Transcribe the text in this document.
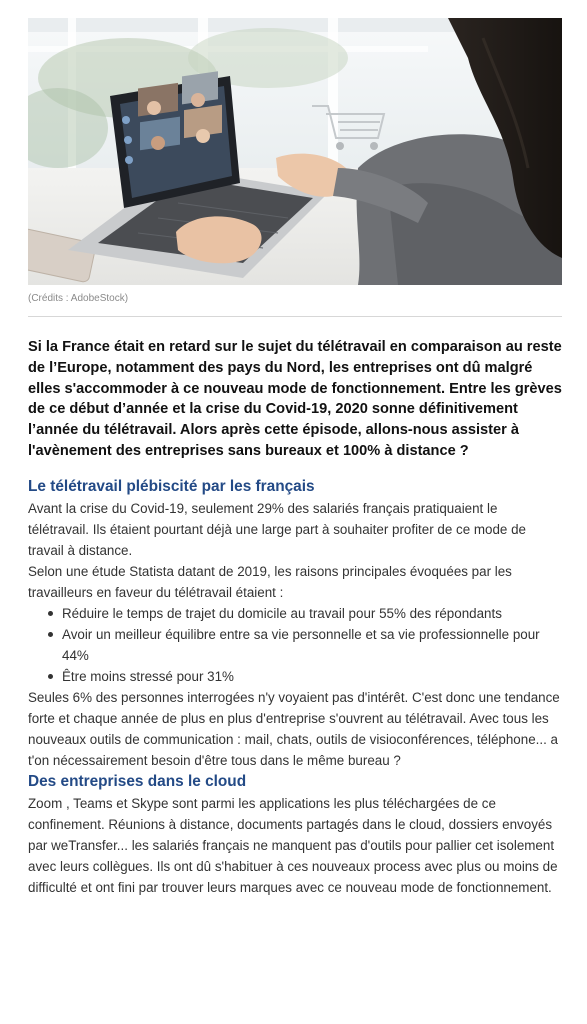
(Crédits : AdobeStock)

Si la France était en retard sur le sujet du télétravail en comparaison au reste de l’Europe, notamment des pays du Nord, les entreprises ont dû malgré elles s'accommoder à ce nouveau mode de fonctionnement. Entre les grèves de ce début d’année et la crise du Covid-19, 2020 sonne définitivement l’année du télétravail. Alors après cette épisode, allons-nous assister à l'avènement des entreprises sans bureaux et 100% à distance ?

Le télétravail plébiscité par les français

Avant la crise du Covid-19, seulement 29% des salariés français pratiquaient le télétravail. Ils étaient pourtant déjà une large part à souhaiter profiter de ce mode de travail à distance.

Selon une étude Statista datant de 2019, les raisons principales évoquées par les travailleurs en faveur du télétravail étaient :

Réduire le temps de trajet du domicile au travail pour 55% des répondants
Avoir un meilleur équilibre entre sa vie personnelle et sa vie professionnelle pour 44%
Être moins stressé pour 31%

Seules 6% des personnes interrogées n'y voyaient pas d'intérêt. C'est donc une tendance forte et chaque année de plus en plus d'entreprise s'ouvrent au télétravail. Avec tous les nouveaux outils de communication : mail, chats, outils de visioconférences, téléphone... a t'on nécessairement besoin d'être tous dans le même bureau ?

Des entreprises dans le cloud

Zoom , Teams et Skype sont parmi les applications les plus téléchargées de ce confinement. Réunions à distance, documents partagés dans le cloud, dossiers envoyés par weTransfer... les salariés français ne manquent pas d'outils pour pallier cet isolement avec leurs collègues. Ils ont dû s'habituer à ces nouveaux process avec plus ou moins de difficulté et ont fini par trouver leurs marques avec ce nouveau mode de fonctionnement.
